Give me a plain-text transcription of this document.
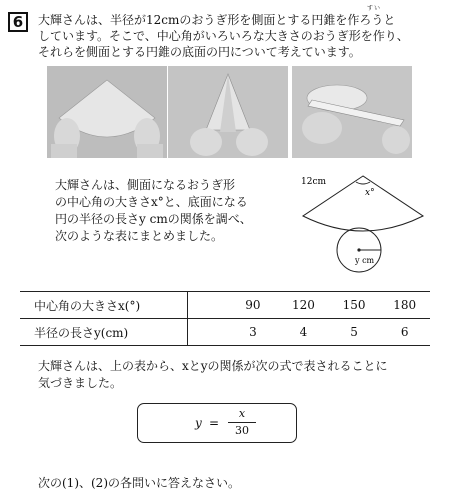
6
すい
大輝さんは、半径が12cmのおうぎ形を側面とする円錐を作ろうと
しています。そこで、中心角がいろいろな大きさのおうぎ形を作り、
それらを側面とする円錐の底面の円について考えています。
大輝さんは、側面になるおうぎ形
の中心角の大きさx°と、底面になる
円の半径の長さy cmの関係を調べ、
次のような表にまとめました。
12cm
x°
y cm
中心角の大きさx(°)		90	120	150	180	
半径の長さy(cm)		3	4	5	6	
大輝さんは、上の表から、xとyの関係が次の式で表されることに
気づきました。
y =
x
30
次の(1)、(2)の各問いに答えなさい。
